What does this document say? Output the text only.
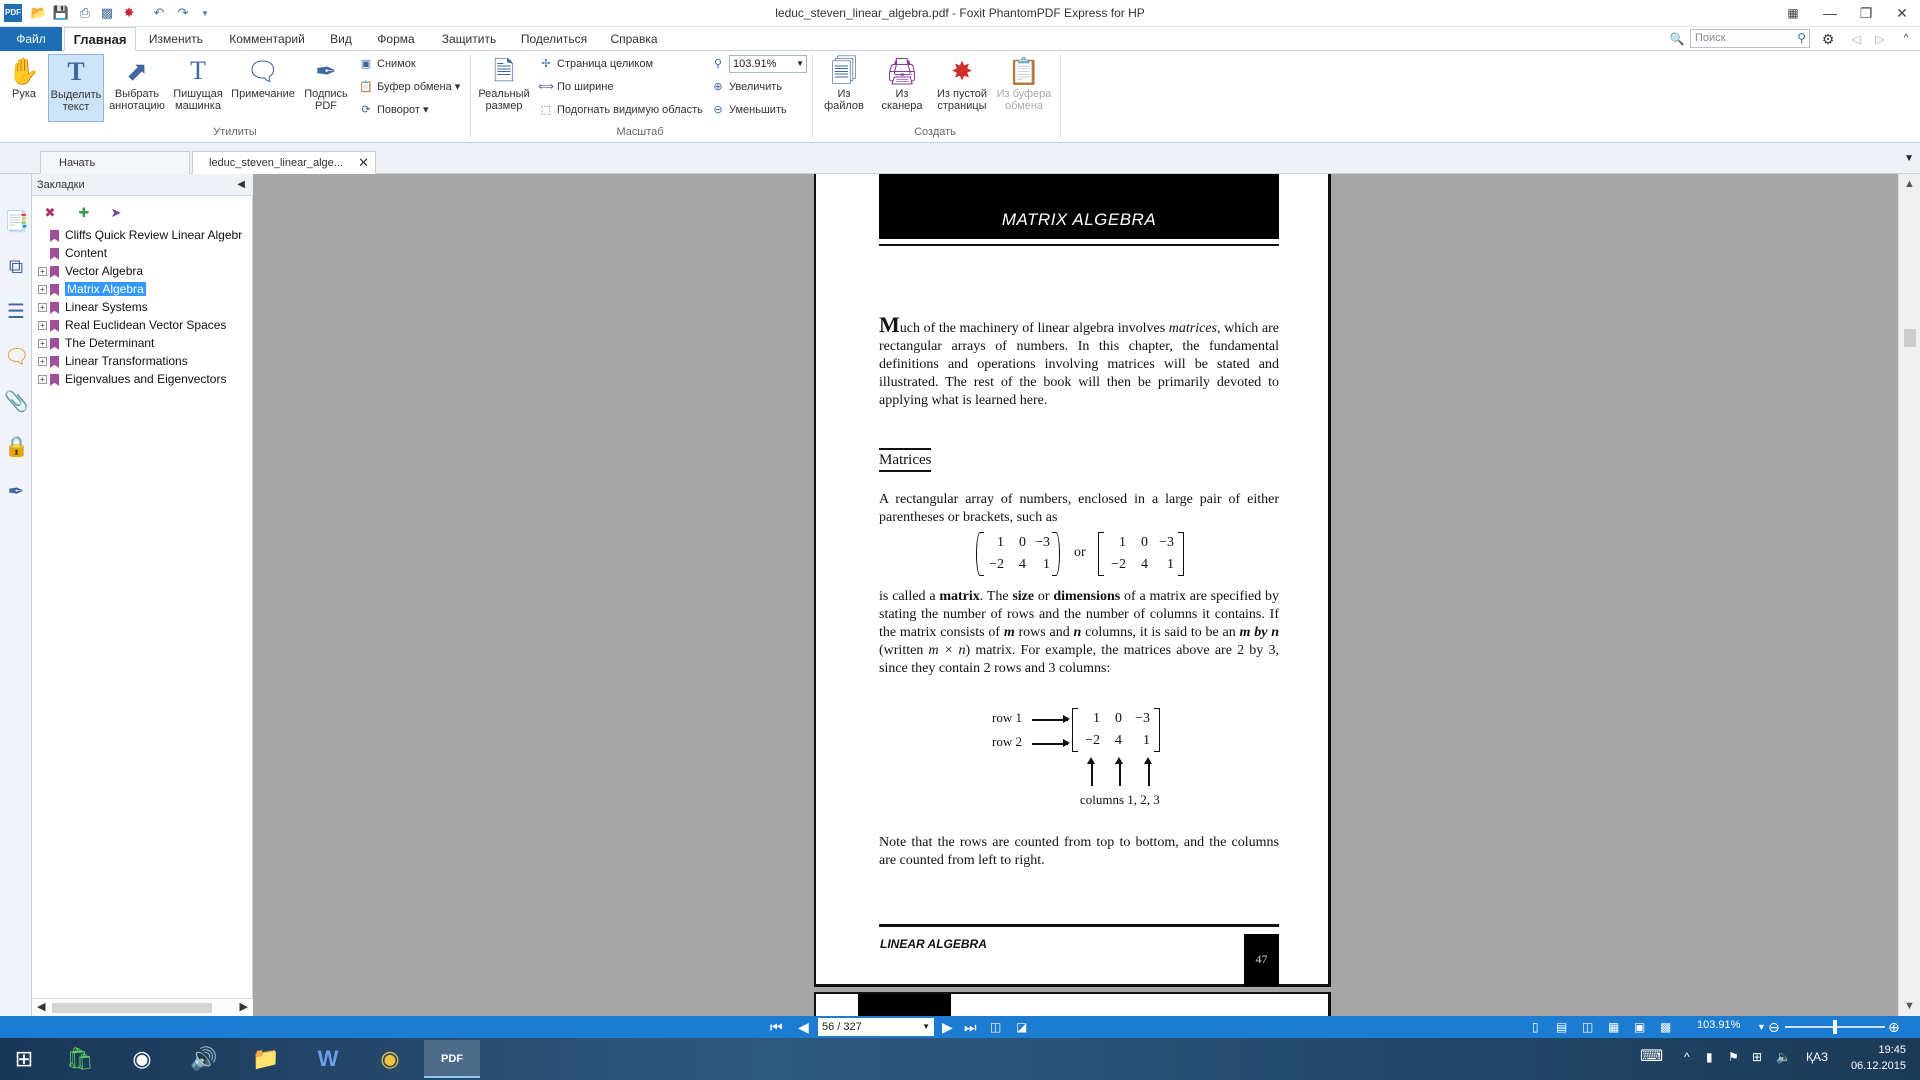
PDF 📂 💾 ⎙ ▩ ✸ ↶ ↷	▾	leduc_steven_linear_algebra.pdf - Foxit PhantomPDF Express for HP	▦	—	❐	✕
Файл	Главная	Изменить	Комментарий	Вид	Форма	Защитить	Поделиться	Справка	🔍 Поиск	⚲	⚙	◁	▷	^
✋
Рука
T
Выделить текст
⬈
Выбрать аннотацию
T
Пишущая машинка
🗨
Примечание
✒
Подпись PDF
▣ Снимок
📋 Буфер обмена ▾
⟳ Поворот ▾
Утилиты
🗎
Реальный размер
✢ Страница целиком
⟺ По ширине
⬚ Подогнать видимую область
⚲ 103.91% ▼
⊕ Увеличить
⊖ Уменьшить
Масштаб
🗐
Из файлов
🖨
Из сканера
✸
Из пустой страницы
📋
Из буфера обмена
Создать
Начать	leduc_steven_linear_alge... ✕	▼
📑
⧉
☰
🗨
📎
🔒
✒
Закладки	◀
✖ ✚ ➤
Cliffs Quick Review Linear Algebr
Content
+ Vector Algebra
+ Matrix Algebra
+ Linear Systems
+ Real Euclidean Vector Spaces
+ The Determinant
+ Linear Transformations
+ Eigenvalues and Eigenvectors
◀	▶
▲
▼
MATRIX ALGEBRA
Much of the machinery of linear algebra involves matrices, which are rectangular arrays of numbers. In this chapter, the fundamental definitions and operations involving matrices will be stated and illustrated. The rest of the book will then be primarily devoted to applying what is learned here.
Matrices
A rectangular array of numbers, enclosed in a large pair of either parentheses or brackets, such as
1 0 −3
−2 4 1
or
1 0 −3
−2 4 1
is called a matrix. The size or dimensions of a matrix are specified by stating the number of rows and the number of columns it contains. If the matrix consists of m rows and n columns, it is said to be an m by n (written m × n) matrix. For example, the matrices above are 2 by 3, since they contain 2 rows and 3 columns:
row 1
row 2
1 0 −3
−2 4 1
columns 1, 2, 3
Note that the rows are counted from top to bottom, and the columns are counted from left to right.
LINEAR ALGEBRA
47
⏮ ◀	56 / 327	▼ ▶ ⏭ ◫ ◪	▯ ▤ ◫ ▦ ▣ ▩ 103.91% ▼ ⊖	⊕
⊞	🛍	◉	🔊	📁	W	◉	PDF	⌨ ^ ▮ ⚑ ⊞ 🔈 ҚАЗ	19:45
06.12.2015
